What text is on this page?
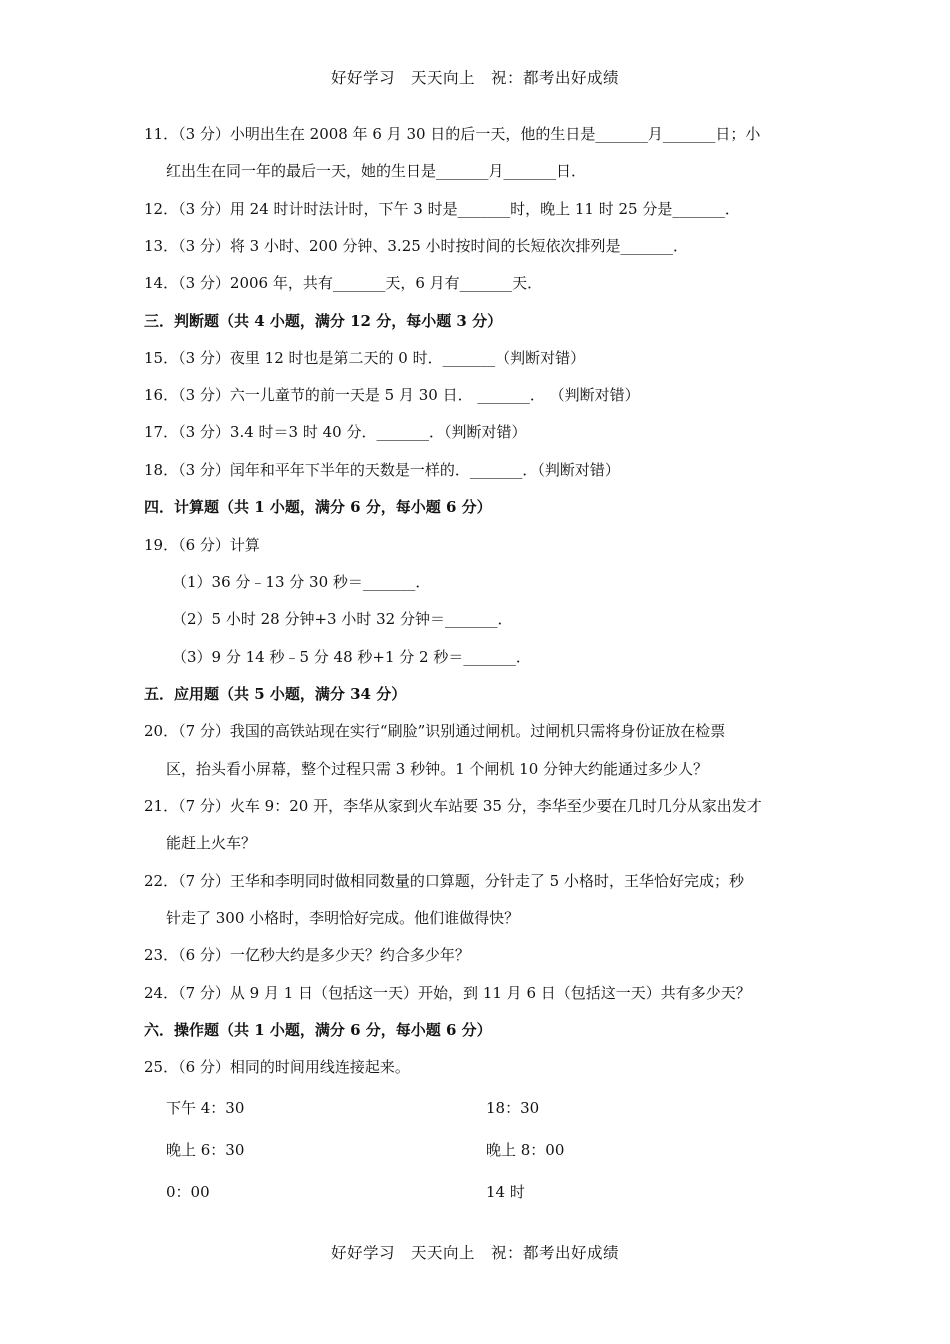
好好学习　天天向上　祝：都考出好成绩
11．（3 分）小明出生在 2008 年 6 月 30 日的后一天，他的生日是_______月_______日；小
红出生在同一年的最后一天，她的生日是_______月_______日．
12．（3 分）用 24 时计时法计时，下午 3 时是_______时，晚上 11 时 25 分是_______．
13．（3 分）将 3 小时、200 分钟、3.25 小时按时间的长短依次排列是_______．
14．（3 分）2006 年，共有_______天，6 月有_______天．
三．判断题（共 4 小题，满分 12 分，每小题 3 分）
15．（3 分）夜里 12 时也是第二天的 0 时．_______（判断对错）
16．（3 分）六一儿童节的前一天是 5 月 30 日． _______． （判断对错）
17．（3 分）3.4 时＝3 时 40 分．_______．（判断对错）
18．（3 分）闰年和平年下半年的天数是一样的．_______．（判断对错）
四．计算题（共 1 小题，满分 6 分，每小题 6 分）
19．（6 分）计算
（1）36 分﹣13 分 30 秒＝_______．
（2）5 小时 28 分钟+3 小时 32 分钟＝_______．
（3）9 分 14 秒﹣5 分 48 秒+1 分 2 秒＝_______．
五．应用题（共 5 小题，满分 34 分）
20．（7 分）我国的高铁站现在实行“刷脸”识别通过闸机。过闸机只需将身份证放在检票
区，抬头看小屏幕，整个过程只需 3 秒钟。1 个闸机 10 分钟大约能通过多少人？
21．（7 分）火车 9：20 开，李华从家到火车站要 35 分，李华至少要在几时几分从家出发才
能赶上火车？
22．（7 分）王华和李明同时做相同数量的口算题，分针走了 5 小格时，王华恰好完成；秒
针走了 300 小格时，李明恰好完成。他们谁做得快？
23．（6 分）一亿秒大约是多少天？约合多少年？
24．（7 分）从 9 月 1 日（包括这一天）开始，到 11 月 6 日（包括这一天）共有多少天？
六．操作题（共 1 小题，满分 6 分，每小题 6 分）
25．（6 分）相同的时间用线连接起来。
下午 4：30	18：30
晚上 6：30	晚上 8：00
0：00	14 时
好好学习　天天向上　祝：都考出好成绩
